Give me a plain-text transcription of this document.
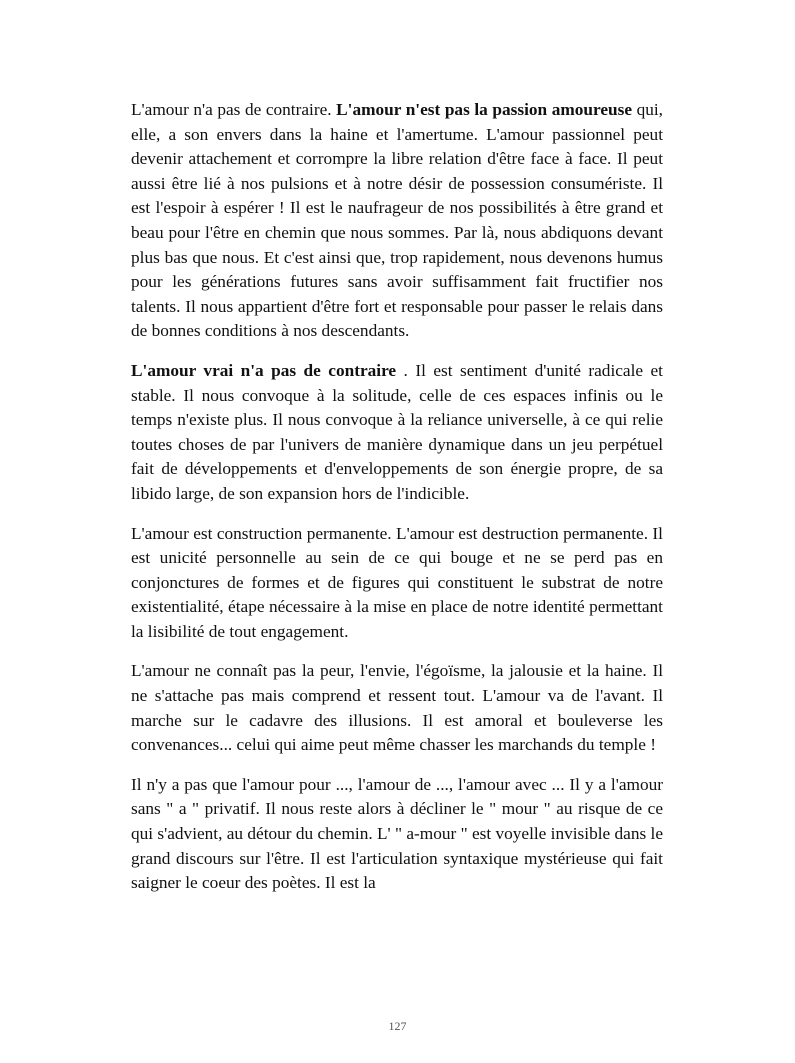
L'amour n'a pas de contraire. L'amour n'est pas la passion amoureuse qui, elle, a son envers dans la haine et l'amertume. L'amour passionnel peut devenir attachement et corrompre la libre relation d'être face à face. Il peut aussi être lié à nos pulsions et à notre désir de possession consumériste. Il est l'espoir à espérer ! Il est le naufrageur de nos possibilités à être grand et beau pour l'être en chemin que nous sommes. Par là, nous abdiquons devant plus bas que nous. Et c'est ainsi que, trop rapidement, nous devenons humus pour les générations futures sans avoir suffisamment fait fructifier nos talents. Il nous appartient d'être fort et responsable pour passer le relais dans de bonnes conditions à nos descendants.

L'amour vrai n'a pas de contraire . Il est sentiment d'unité radicale et stable. Il nous convoque à la solitude, celle de ces espaces infinis ou le temps n'existe plus. Il nous convoque à la reliance universelle, à ce qui relie toutes choses de par l'univers de manière dynamique dans un jeu perpétuel fait de développements et d'enveloppements de son énergie propre, de sa libido large, de son expansion hors de l'indicible.

L'amour est construction permanente. L'amour est destruction permanente. Il est unicité personnelle au sein de ce qui bouge et ne se perd pas en conjonctures de formes et de figures qui constituent le substrat de notre existentialité, étape nécessaire à la mise en place de notre identité permettant la lisibilité de tout engagement.

L'amour ne connaît pas la peur, l'envie, l'égoïsme, la jalousie et la haine. Il ne s'attache pas mais comprend et ressent tout. L'amour va de l'avant. Il marche sur le cadavre des illusions. Il est amoral et bouleverse les convenances... celui qui aime peut même chasser les marchands du temple !

Il n'y a pas que l'amour pour ..., l'amour de ..., l'amour avec ... Il y a l'amour sans " a " privatif. Il nous reste alors à décliner le " mour " au risque de ce qui s'advient, au détour du chemin. L' " a-mour " est voyelle invisible dans le grand discours sur l'être. Il est l'articulation syntaxique mystérieuse qui fait saigner le coeur des poètes. Il est la

127
